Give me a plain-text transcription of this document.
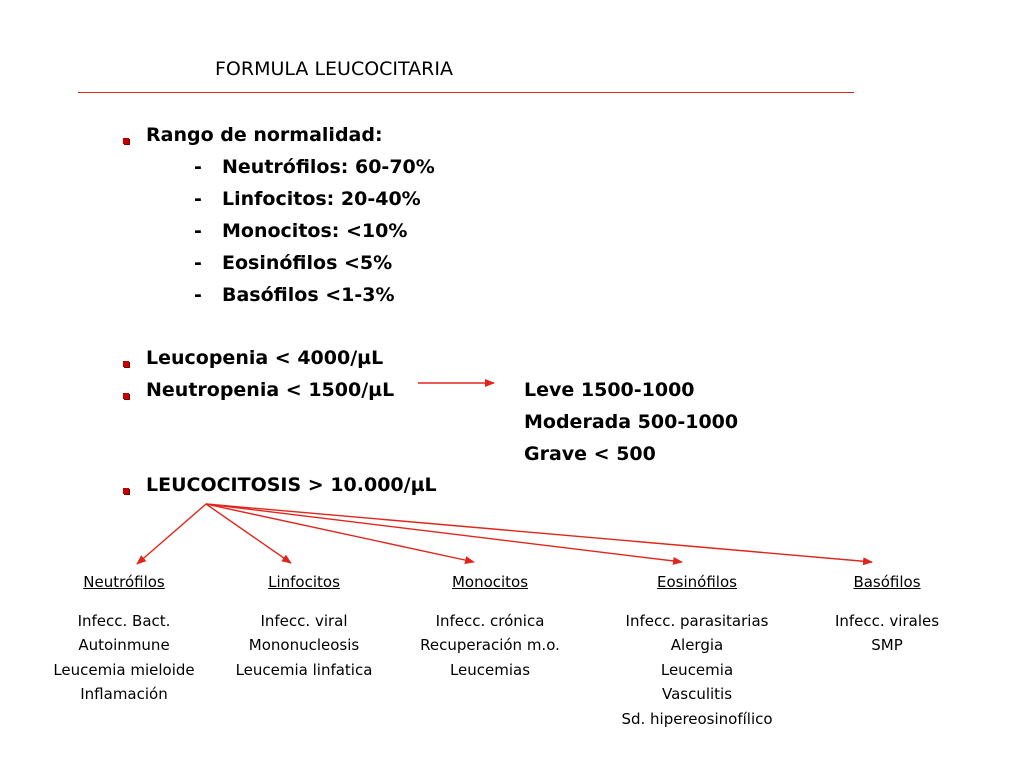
FORMULA LEUCOCITARIA
Rango de normalidad:
- Neutrófilos: 60-70%
- Linfocitos: 20-40%
- Monocitos: <10%
- Eosinófilos <5%
- Basófilos <1-3%
Leucopenia < 4000/µL
Neutropenia < 1500/µL	Leve 1500-1000
Moderada 500-1000
Grave < 500
LEUCOCITOSIS > 10.000/µL
Neutrófilos
Infecc. Bact.
Autoinmune
Leucemia mieloide
Inflamación
Linfocitos
Infecc. viral
Mononucleosis
Leucemia linfatica
Monocitos
Infecc. crónica
Recuperación m.o.
Leucemias
Eosinófilos
Infecc. parasitarias
Alergia
Leucemia
Vasculitis
Sd. hipereosinofílico
Basófilos
Infecc. virales
SMP
